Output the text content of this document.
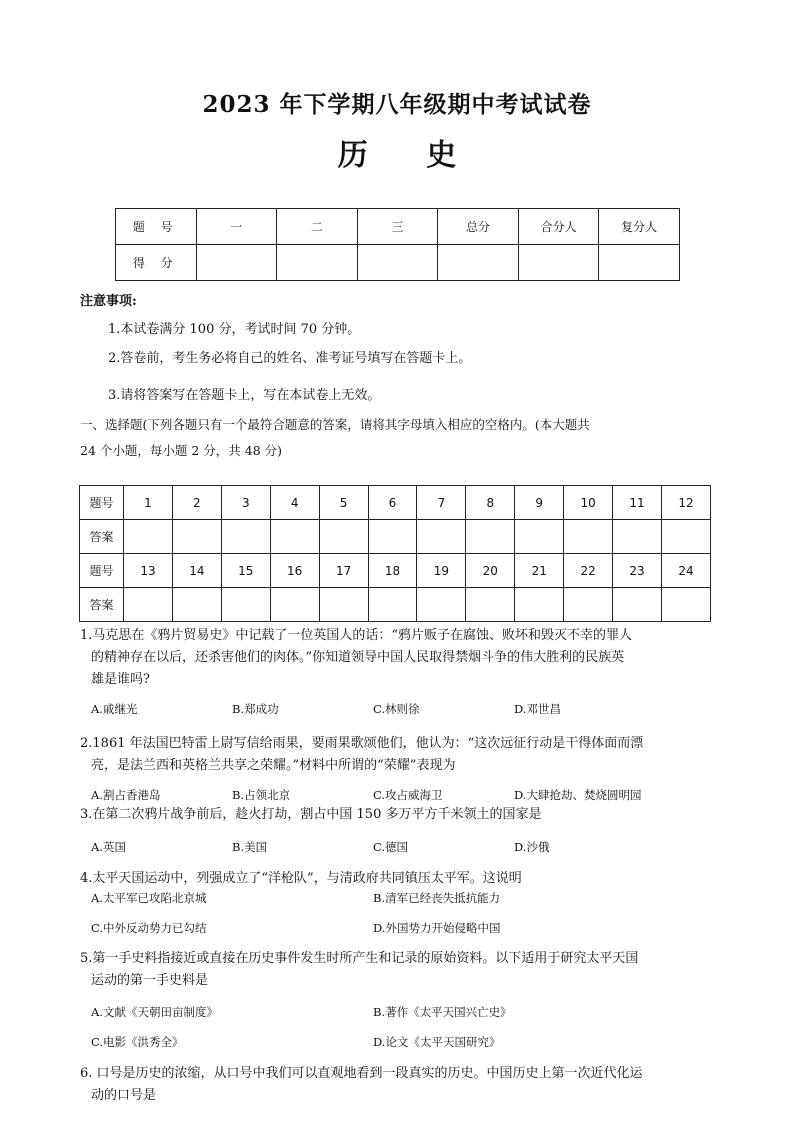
2023 年下学期八年级期中考试试卷
历 史
题 号	一	二	三	总分	合分人	复分人
得 分						
注意事项:
1.本试卷满分 100 分，考试时间 70 分钟。
2.答卷前，考生务必将自己的姓名、准考证号填写在答题卡上。
3.请将答案写在答题卡上，写在本试卷上无效。
一、选择题(下列各题只有一个最符合题意的答案，请将其字母填入相应的空格内。(本大题共
24 个小题，每小题 2 分，共 48 分)
题号	1	2	3	4	5	6	7	8	9	10	11	12
答案												
题号	13	14	15	16	17	18	19	20	21	22	23	24
答案												
1.马克思在《鸦片贸易史》中记载了一位英国人的话：“鸦片贩子在腐蚀、败坏和毁灭不幸的罪人
的精神存在以后，还杀害他们的肉体。”你知道领导中国人民取得禁烟斗争的伟大胜利的民族英
雄是谁吗?
A.戚继光	B.郑成功	C.林则徐	D.邓世昌
2.1861 年法国巴特雷上尉写信给雨果，要雨果歌颂他们，他认为：“这次远征行动是干得体面而漂
亮，是法兰西和英格兰共享之荣耀。”材料中所谓的“荣耀”表现为
A.割占香港岛	B.占领北京	C.攻占威海卫	D.大肆抢劫、焚烧圆明园
3.在第二次鸦片战争前后，趁火打劫，割占中国 150 多万平方千米领土的国家是
A.英国	B.美国	C.德国	D.沙俄
4.太平天国运动中，列强成立了“洋枪队”，与清政府共同镇压太平军。这说明
A.太平军已攻陷北京城	B.清军已经丧失抵抗能力
C.中外反动势力已勾结	D.外国势力开始侵略中国
5.第一手史料指接近或直接在历史事件发生时所产生和记录的原始资料。以下适用于研究太平天国
运动的第一手史料是
A.文献《天朝田亩制度》	B.著作《太平天国兴亡史》
C.电影《洪秀全》	D.论文《太平天国研究》
6. 口号是历史的浓缩，从口号中我们可以直观地看到一段真实的历史。中国历史上第一次近代化运
动的口号是
